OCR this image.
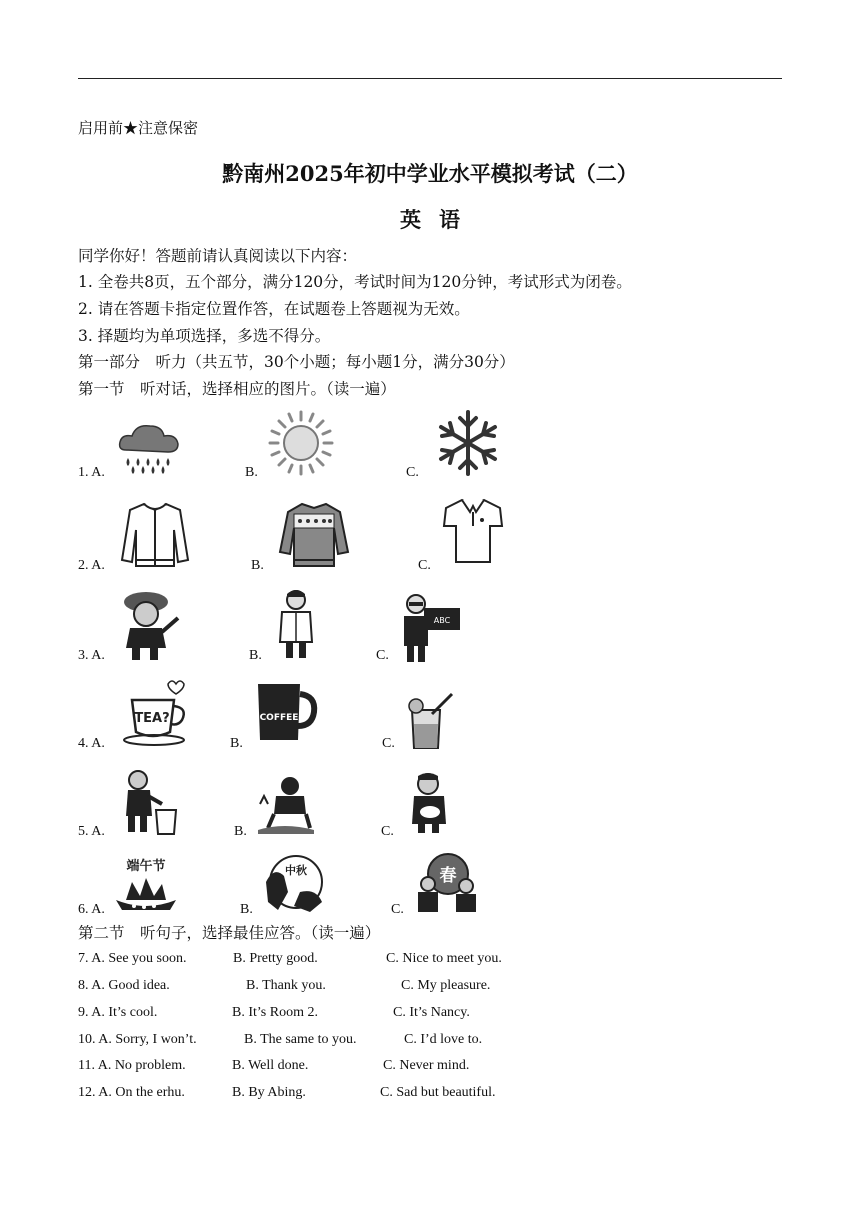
启用前★注意保密
黔南州2025年初中学业水平模拟考试（二）
英语
同学你好！答题前请认真阅读以下内容：
1. 全卷共8页，五个部分，满分120分，考试时间为120分钟，考试形式为闭卷。
2. 请在答题卡指定位置作答，在试题卷上答题视为无效。
3. 择题均为单项选择，多选不得分。
第一部分　听力（共五节，30个小题；每小题1分，满分30分）
第一节　听对话，选择相应的图片。（读一遍）
1. A.	B.	C.
2. A.	B.	C.
3. A.	B.	C.
ABC
4. A.	B.	C.
TEA?	COFFEE
5. A.	B.	C.
6. A.	B.	C.
端午节	中秋	春
第二节　听句子，选择最佳应答。（读一遍）
7. A. See you soon.	B. Pretty good.	C. Nice to meet you.
8. A. Good idea.	B. Thank you.	C. My pleasure.
9. A. It’s cool.	B. It’s Room 2.	C. It’s Nancy.
10. A. Sorry, I won’t.	B. The same to you.	C. I’d love to.
11. A. No problem.	B. Well done.	C. Never mind.
12. A. On the erhu.	B. By Abing.	C. Sad but beautiful.
